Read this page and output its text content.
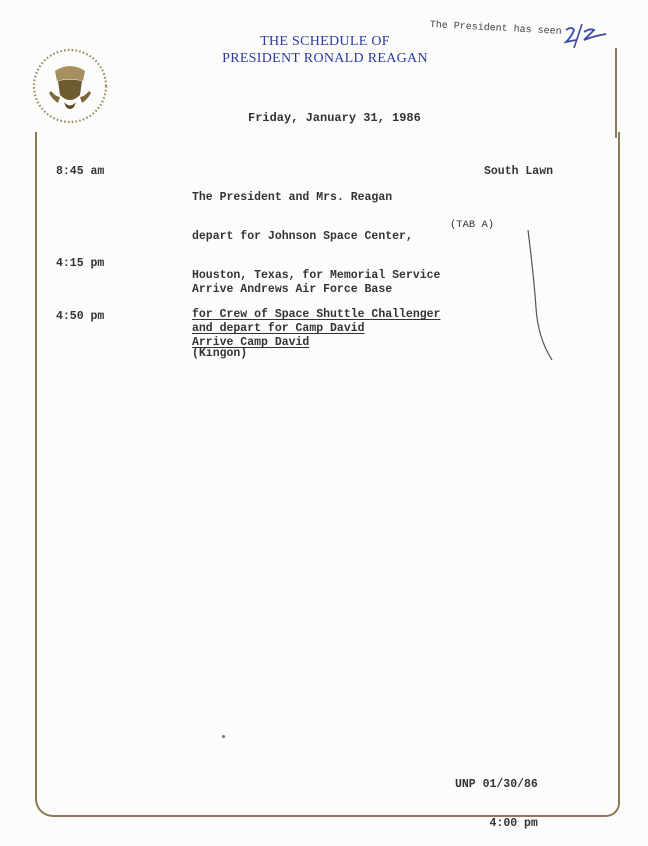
THE SCHEDULE OF
PRESIDENT RONALD REAGAN
The President has seen
Friday, January 31, 1986
8:45 am

The President and Mrs. Reagan

depart for Johnson Space Center,

Houston, Texas, for Memorial Service

for Crew of Space Shuttle Challenger

(Kingon)

South Lawn
(TAB A)
4:15 pm

Arrive Andrews Air Force Base

and depart for Camp David

4:50 pm

Arrive Camp David

UNP 01/30/86

4:00 pm
